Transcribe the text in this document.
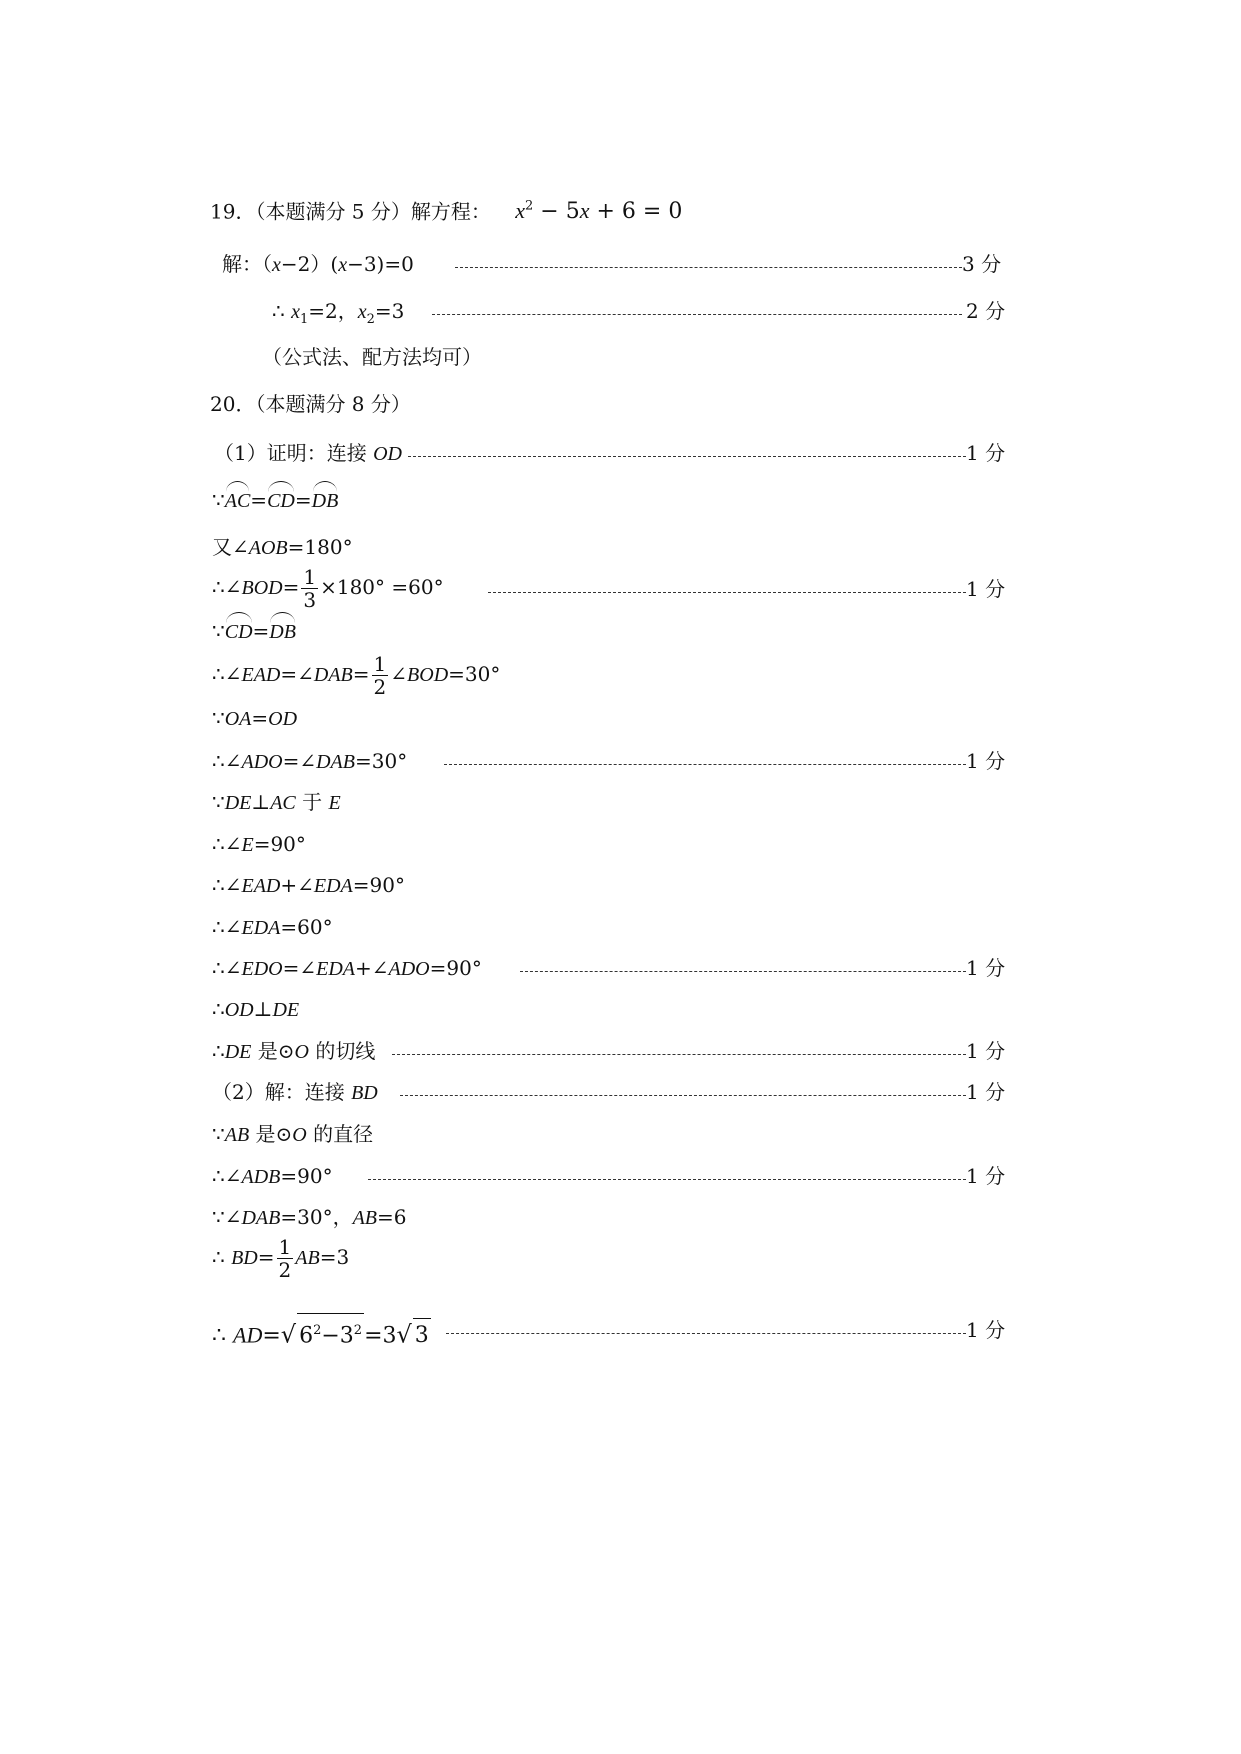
19．（本题满分 5 分）解方程： $x^2 - 5x + 6 = 0$
解：（x−2）(x−3)=0	3 分
∴ $x_1=2$，$x_2=3$	2 分
（公式法、配方法均可）
20．（本题满分 8 分）
（1）证明：连接 OD	1 分
∵AC=CD=DB
又∠AOB=180°
∴∠BOD= $\frac{1}{3} \times 180^\circ =60^\circ$	1 分
∵CD=DB
∴∠EAD=∠DAB= $\frac{1}{2}$ ∠BOD=30°
∵OA=OD
∴∠ADO=∠DAB=30°	1 分
∵DE⊥AC 于 E
∴∠E=90°
∴∠EAD+∠EDA=90°
∴∠EDA=60°
∴∠EDO=∠EDA+∠ADO=90°	1 分
∴OD⊥DE
∴DE 是⊙O 的切线	1 分
（2）解：连接 BD	1 分
∵AB 是⊙O 的直径
∴∠ADB=90°	1 分
∵∠DAB=30°，AB=6
∴ $BD= \frac{1}{2} AB=3$
∴ AD=√ $6^2-3^2=3√$ 3	1 分
